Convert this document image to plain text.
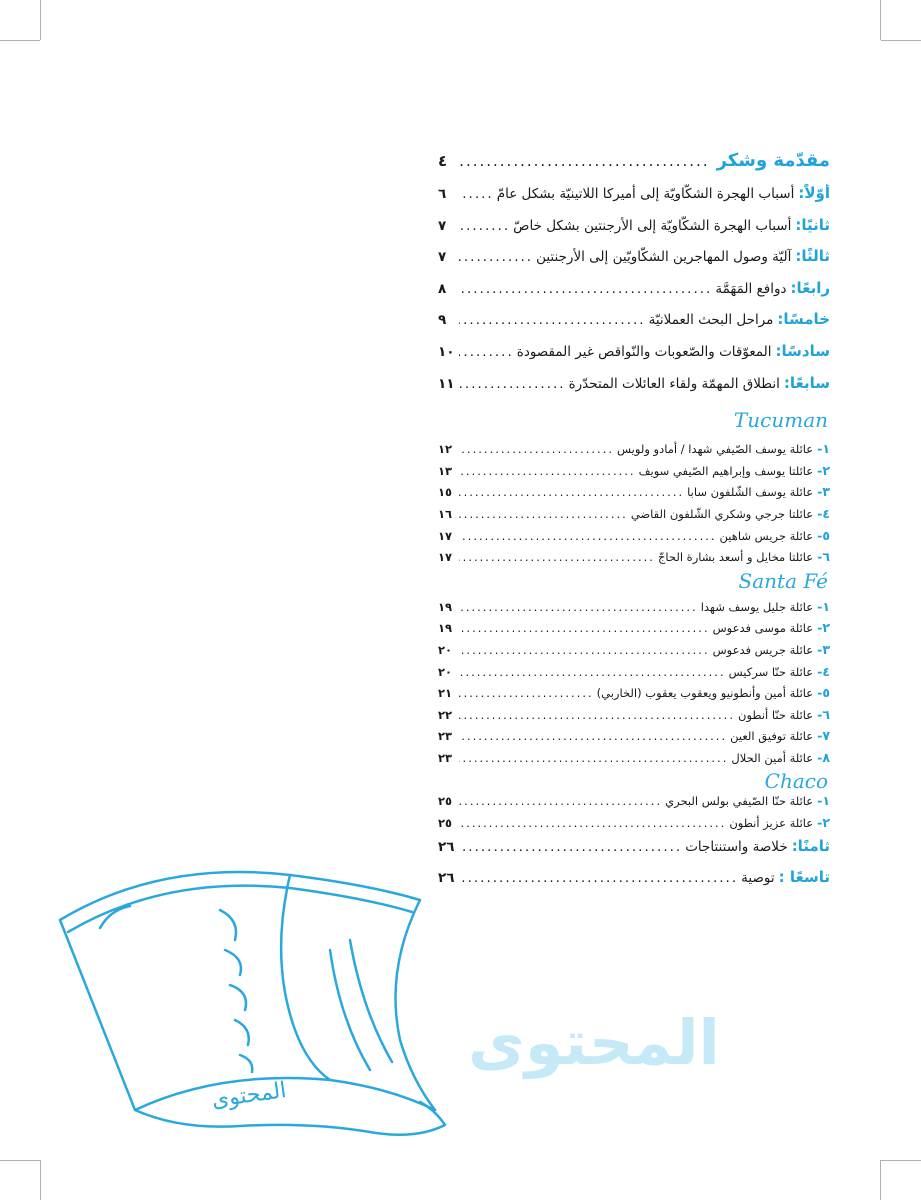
مقدّمة وشكر
.....
٤
أوّلاً:أسباب الهجرة الشكّاويّة إلى أميركا اللاتينيّة بشكل عامّ
.....
٦
ثانيًا:أسباب الهجرة الشكّاويّة إلى الأرجنتين بشكل خاصّ
.....
٧
ثالثًا:آليّة وصول المهاجرين الشكّاويّين إلى الأرجنتين
.....
٧
رابعًا:دوافع المَهَمَّة
.....
٨
خامسًا:مراحل البحث العملانيّة
.....
٩
سادسًا:المعوّقات والصّعوبات والنّواقص غير المقصودة
.....
١٠
سابعًا:انطلاق المهمّة ولقاء العائلات المتحدّرة
.....
١١
Tucuman
١-عائلة يوسف الصّيفي شهدا / أمادو ولويس
.....
١٢
٢-عائلتا يوسف وإبراهيم الصّيفي سويف
.....
١٣
٣-عائلة يوسف الشّلفون سابا
.....
١٥
٤-عائلتا جرجي وشكري الشّلفون القاضي
.....
١٦
٥-عائلة جريس شاهين
.....
١٧
٦-عائلتا مخايل و أسعد بشارة الحاجّ
.....
١٧
Santa Fé
١-عائلة جليل يوسف شهدا
.....
١٩
٢-عائلة موسى فدعوس
.....
١٩
٣-عائلة جريس فدعوس
.....
٢٠
٤-عائلة حنّا سركيس
.....
٢٠
٥-عائلة أمين وأنطونيو ويعقوب يعقوب (الخاربي)
.....
٢١
٦-عائلة حنّا أنطون
.....
٢٢
٧-عائلة توفيق العين
.....
٢٣
٨-عائلة أمين الحلال
.....
٢٣
Chaco
١-عائلة حنّا الصّيفي بولس البحري
.....
٢٥
٢-عائلة عزيز أنطون
.....
٢٥
ثامنًا:خلاصة واستنتاجات
.....
٢٦
تاسعًا :توصية
.....
٢٦
المحتوى
المحتوى
